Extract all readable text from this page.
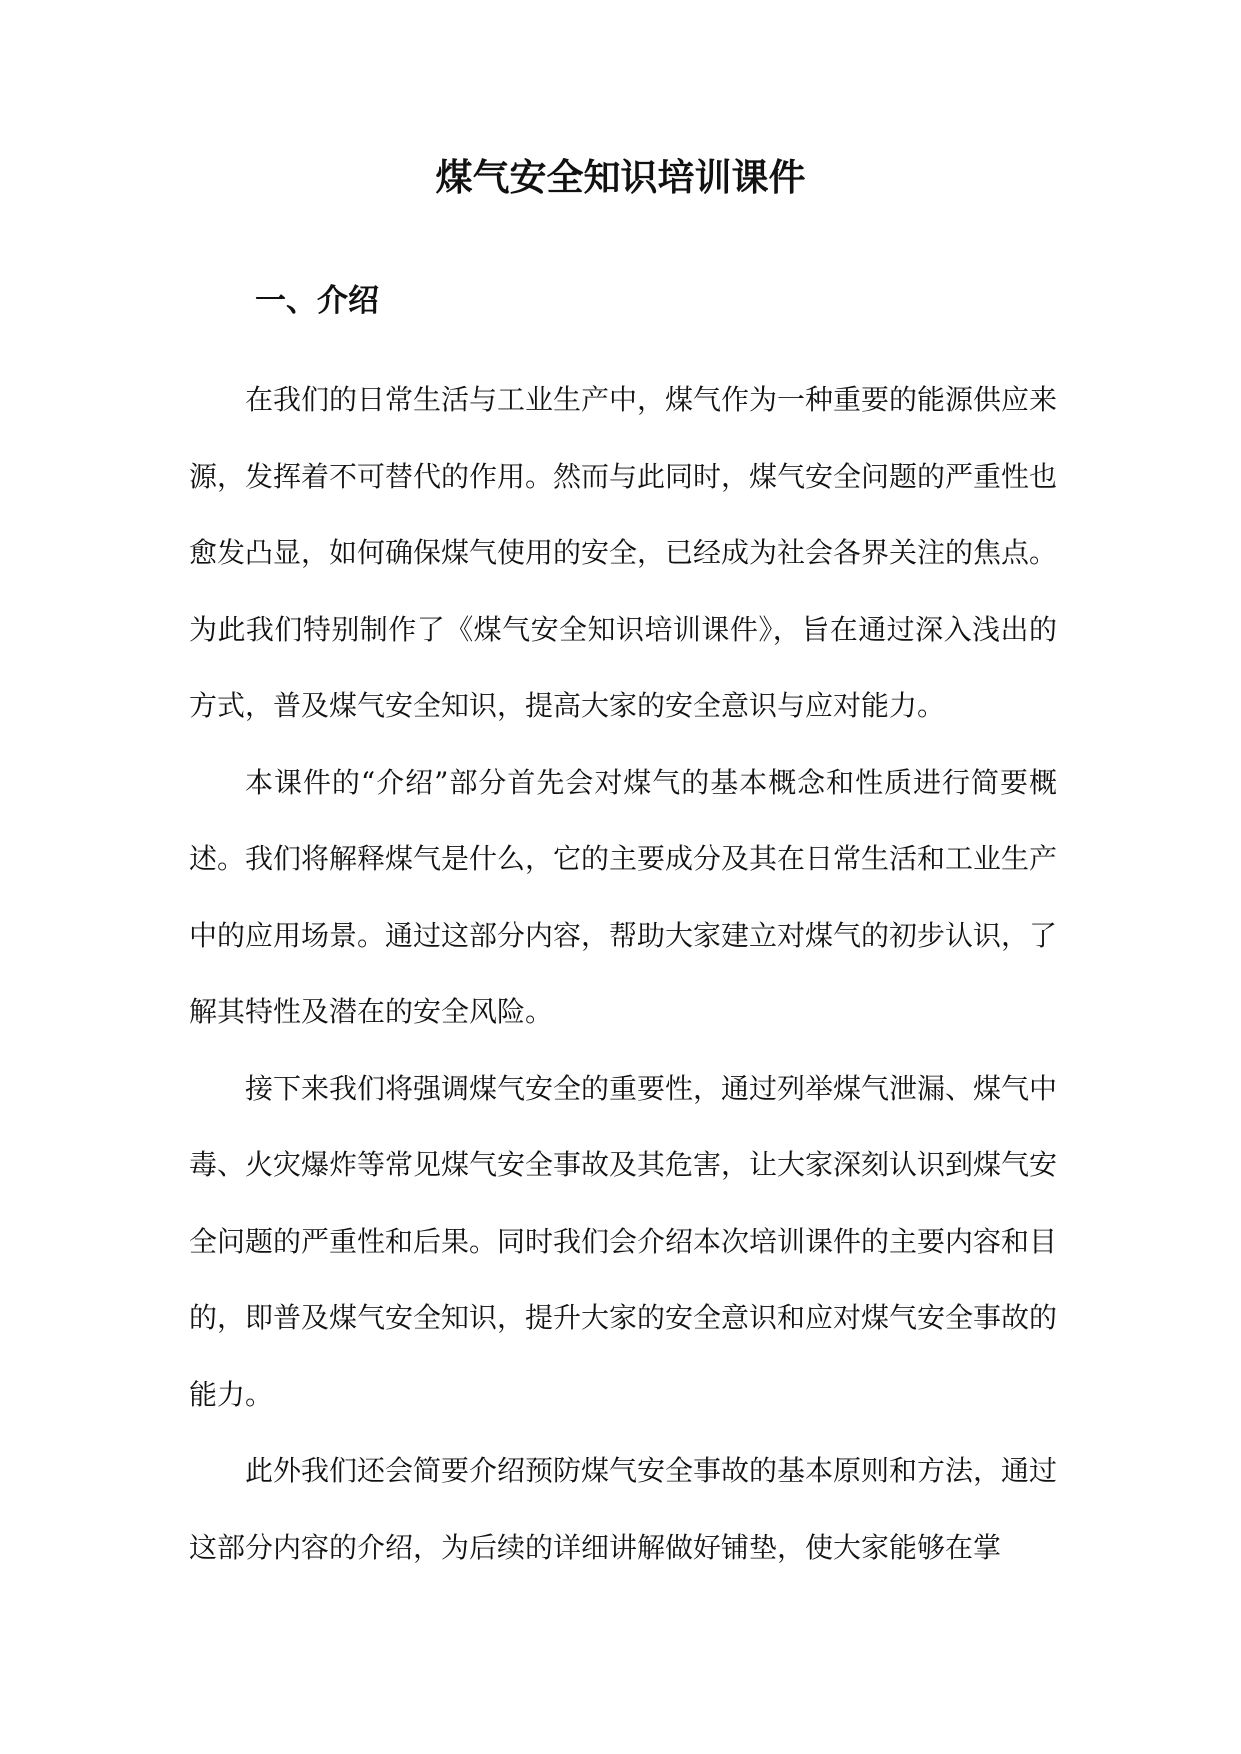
煤气安全知识培训课件
一、介绍

在我们的日常生活与工业生产中，煤气作为一种重要的能源供应来源，发挥着不可替代的作用。然而与此同时，煤气安全问题的严重性也愈发凸显，如何确保煤气使用的安全，已经成为社会各界关注的焦点。为此我们特别制作了《煤气安全知识培训课件》，旨在通过深入浅出的方式，普及煤气安全知识，提高大家的安全意识与应对能力。

本课件的“介绍”部分首先会对煤气的基本概念和性质进行简要概述。我们将解释煤气是什么，它的主要成分及其在日常生活和工业生产中的应用场景。通过这部分内容，帮助大家建立对煤气的初步认识，了解其特性及潜在的安全风险。

接下来我们将强调煤气安全的重要性，通过列举煤气泄漏、煤气中毒、火灾爆炸等常见煤气安全事故及其危害，让大家深刻认识到煤气安全问题的严重性和后果。同时我们会介绍本次培训课件的主要内容和目的，即普及煤气安全知识，提升大家的安全意识和应对煤气安全事故的能力。

此外我们还会简要介绍预防煤气安全事故的基本原则和方法，通过这部分内容的介绍，为后续的详细讲解做好铺垫，使大家能够在掌
